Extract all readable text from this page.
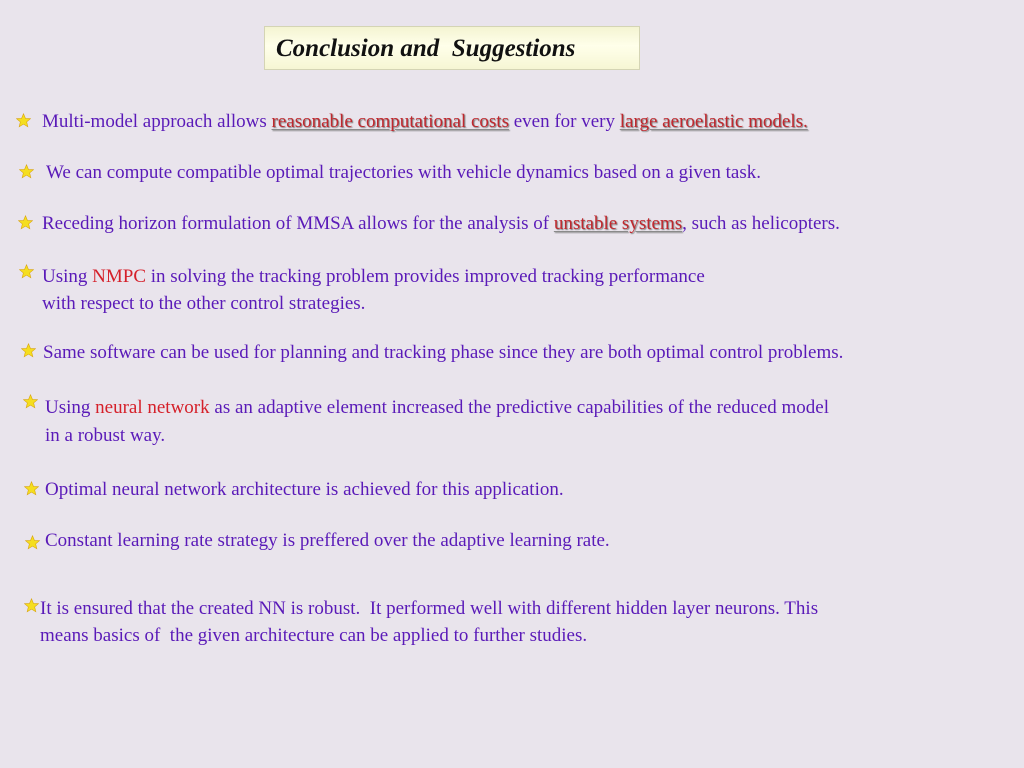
Conclusion and  Suggestions
Multi-model approach allows reasonable computational costs even for very large aeroelastic models.
We can compute compatible optimal trajectories with vehicle dynamics based on a given task.
Receding horizon formulation of MMSA allows for the analysis of unstable systems, such as helicopters.
Using NMPC in solving the tracking problem provides improved tracking performance
with respect to the other control strategies.
Same software can be used for planning and tracking phase since they are both optimal control problems.
Using neural network as an adaptive element increased the predictive capabilities of the reduced model
in a robust way.
Optimal neural network architecture is achieved for this application.
Constant learning rate strategy is preffered over the adaptive learning rate.
It is ensured that the created NN is robust.  It performed well with different hidden layer neurons. This
means basics of  the given architecture can be applied to further studies.
